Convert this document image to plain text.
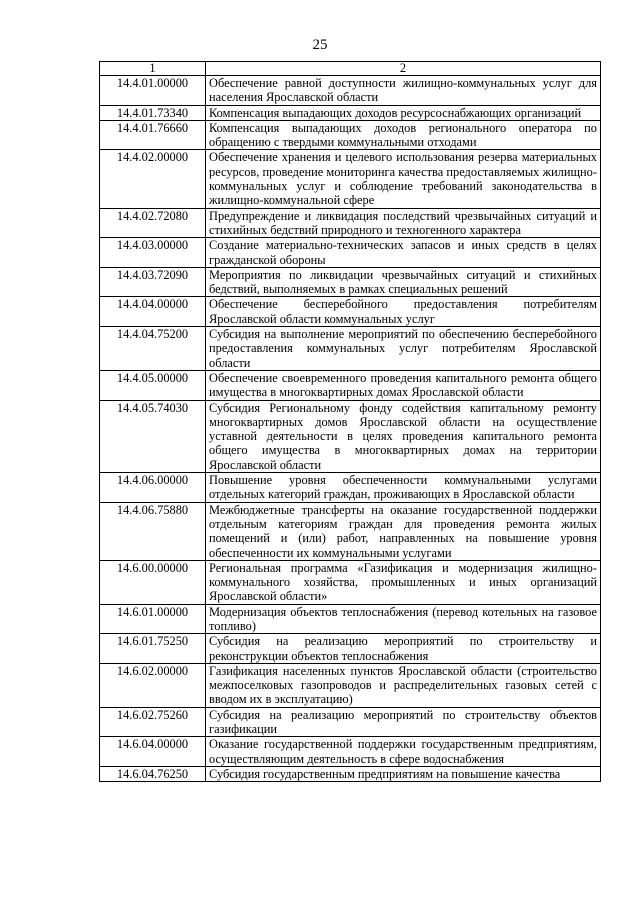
25
1	2
14.4.01.00000	Обеспечение равной доступности жилищно-коммунальных услуг для населения Ярославской области
14.4.01.73340	Компенсация выпадающих доходов ресурсоснабжающих организаций
14.4.01.76660	Компенсация выпадающих доходов регионального оператора по обращению с твердыми коммунальными отходами
14.4.02.00000	Обеспечение хранения и целевого использования резерва материальных ресурсов, проведение мониторинга качества предоставляемых жилищно-коммунальных услуг и соблюдение требований законодательства в жилищно-коммунальной сфере
14.4.02.72080	Предупреждение и ликвидация последствий чрезвычайных ситуаций и стихийных бедствий природного и техногенного характера
14.4.03.00000	Создание материально-технических запасов и иных средств в целях гражданской обороны
14.4.03.72090	Мероприятия по ликвидации чрезвычайных ситуаций и стихийных бедствий, выполняемых в рамках специальных решений
14.4.04.00000	Обеспечение бесперебойного предоставления потребителям Ярославской области коммунальных услуг
14.4.04.75200	Субсидия на выполнение мероприятий по обеспечению бесперебойного предоставления коммунальных услуг потребителям Ярославской области
14.4.05.00000	Обеспечение своевременного проведения капитального ремонта общего имущества в многоквартирных домах Ярославской области
14.4.05.74030	Субсидия Региональному фонду содействия капитальному ремонту многоквартирных домов Ярославской области на осуществление уставной деятельности в целях проведения капитального ремонта общего имущества в многоквартирных домах на территории Ярославской области
14.4.06.00000	Повышение уровня обеспеченности коммунальными услугами отдельных категорий граждан, проживающих в Ярославской области
14.4.06.75880	Межбюджетные трансферты на оказание государственной поддержки отдельным категориям граждан для проведения ремонта жилых помещений и (или) работ, направленных на повышение уровня обеспеченности их коммунальными услугами
14.6.00.00000	Региональная программа «Газификация и модернизация жилищно-коммунального хозяйства, промышленных и иных организаций Ярославской области»
14.6.01.00000	Модернизация объектов теплоснабжения (перевод котельных на газовое топливо)
14.6.01.75250	Субсидия на реализацию мероприятий по строительству и реконструкции объектов теплоснабжения
14.6.02.00000	Газификация населенных пунктов Ярославской области (строительство межпоселковых газопроводов и распределительных газовых сетей с вводом их в эксплуатацию)
14.6.02.75260	Субсидия на реализацию мероприятий по строительству объектов газификации
14.6.04.00000	Оказание государственной поддержки государственным предприятиям, осуществляющим деятельность в сфере водоснабжения
14.6.04.76250	Субсидия государственным предприятиям на повышение качества
